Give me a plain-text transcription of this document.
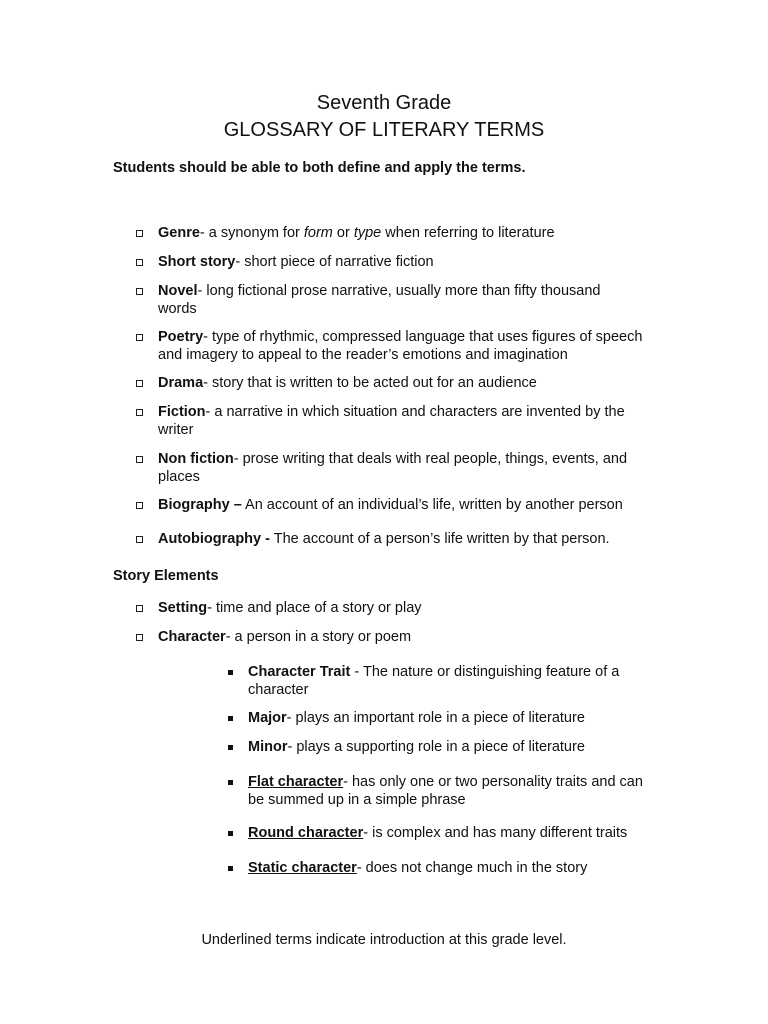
Seventh Grade
GLOSSARY OF LITERARY TERMS
Students should be able to both define and apply the terms.
Genre- a synonym for form or type when referring to literature
Short story- short piece of narrative fiction
Novel- long fictional prose narrative, usually more than fifty thousand words
Poetry- type of rhythmic, compressed language that uses figures of speech and imagery to appeal to the reader’s emotions and imagination
Drama- story that is written to be acted out for an audience
Fiction- a narrative in which situation and characters are invented by the writer
Non fiction- prose writing that deals with real people, things, events, and places
Biography – An account of an individual’s life, written by another person
Autobiography - The account of a person’s life written by that person.
Story Elements
Setting- time and place of a story or play
Character- a person in a story or poem
Character Trait - The nature or distinguishing feature of a character
Major- plays an important role in a piece of literature
Minor- plays a supporting role in a piece of literature
Flat character- has only one or two personality traits and can be summed up in a simple phrase
Round character- is complex and has many different traits
Static character- does not change much in the story
Underlined terms indicate introduction at this grade level.
